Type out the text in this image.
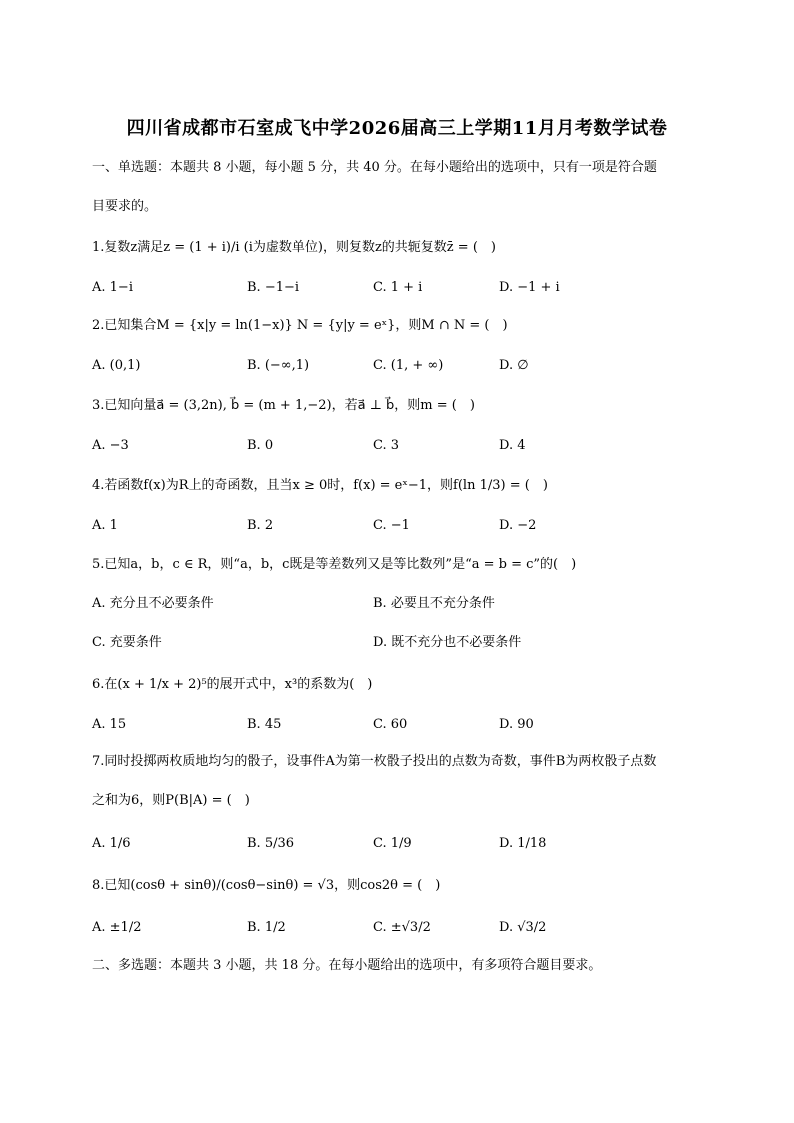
四川省成都市石室成飞中学2026届高三上学期11月月考数学试卷
一、单选题：本题共 8 小题，每小题 5 分，共 40 分。在每小题给出的选项中，只有一项是符合题
目要求的。
1.复数z满足z = (1 + i)/i (i为虚数单位)，则复数z的共轭复数z̄ = (　)
A. 1−i	B. −1−i	C. 1 + i	D. −1 + i
2.已知集合M = {x|y = ln(1−x)} N = {y|y = eˣ}，则M ∩ N = (　)
A. (0,1)	B. (−∞,1)	C. (1, + ∞)	D. ∅
3.已知向量a⃗ = (3,2n), b⃗ = (m + 1,−2)，若a⃗ ⊥ b⃗，则m = (　)
A. −3	B. 0	C. 3	D. 4
4.若函数f(x)为R上的奇函数，且当x ≥ 0时，f(x) = eˣ−1，则f(ln 1/3) = (　)
A. 1	B. 2	C. −1	D. −2
5.已知a，b，c ∈ R，则“a，b，c既是等差数列又是等比数列”是“a = b = c”的(　)
A. 充分且不必要条件	B. 必要且不充分条件
C. 充要条件	D. 既不充分也不必要条件
6.在(x + 1/x + 2)⁵的展开式中，x³的系数为(　)
A. 15	B. 45	C. 60	D. 90
7.同时投掷两枚质地均匀的骰子，设事件A为第一枚骰子投出的点数为奇数，事件B为两枚骰子点数
之和为6，则P(B|A) = (　)
A. 1/6	B. 5/36	C. 1/9	D. 1/18
8.已知(cosθ + sinθ)/(cosθ−sinθ) = √3，则cos2θ = (　)
A. ±1/2	B. 1/2	C. ±√3/2	D. √3/2
二、多选题：本题共 3 小题，共 18 分。在每小题给出的选项中，有多项符合题目要求。
